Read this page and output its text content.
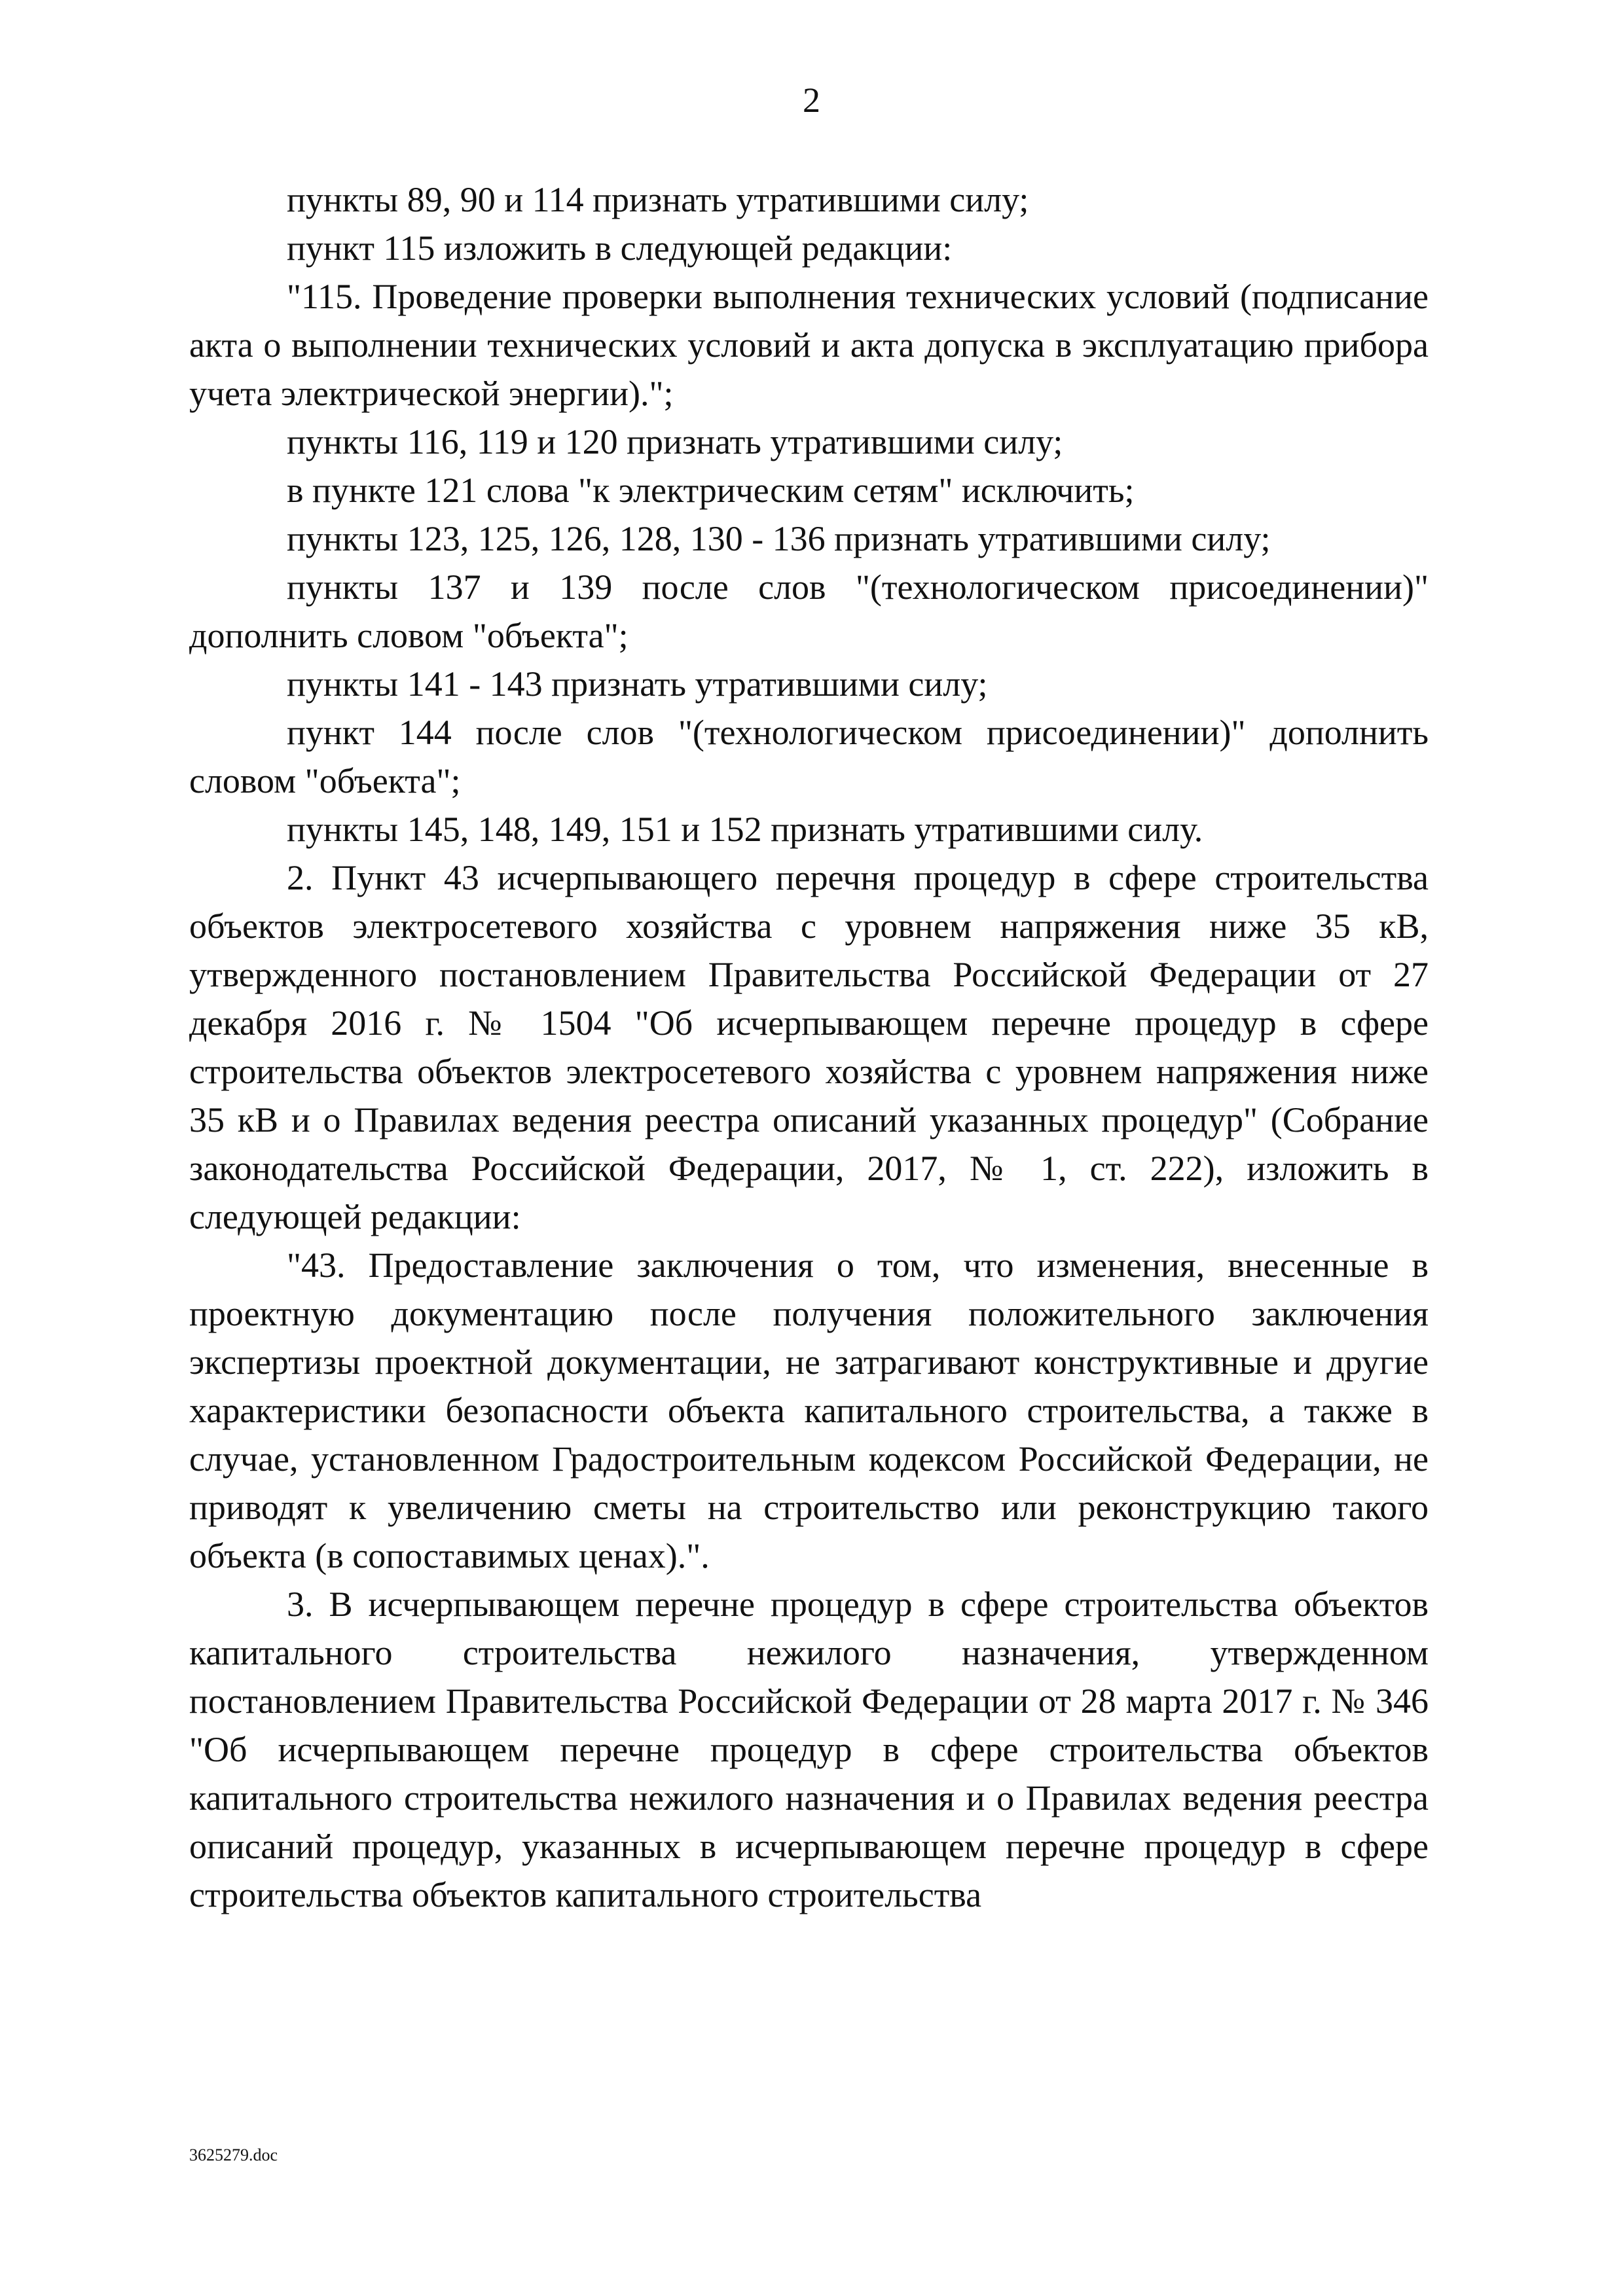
2

пункты 89, 90 и 114 признать утратившими силу;

пункт 115 изложить в следующей редакции:

"115. Проведение проверки выполнения технических условий (подписание акта о выполнении технических условий и акта допуска в эксплуатацию прибора учета электрической энергии).";

пункты 116, 119 и 120 признать утратившими силу;

в пункте 121 слова "к электрическим сетям" исключить;

пункты 123, 125, 126, 128, 130 - 136 признать утратившими силу;

пункты 137 и 139 после слов "(технологическом присоединении)" дополнить словом "объекта";

пункты 141 - 143 признать утратившими силу;

пункт 144 после слов "(технологическом присоединении)" дополнить словом "объекта";

пункты 145, 148, 149, 151 и 152 признать утратившими силу.

2. Пункт 43 исчерпывающего перечня процедур в сфере строительства объектов электросетевого хозяйства с уровнем напряжения ниже 35 кВ, утвержденного постановлением Правительства Российской Федерации от 27 декабря 2016 г. № 1504 "Об исчерпывающем перечне процедур в сфере строительства объектов электросетевого хозяйства с уровнем напряжения ниже 35 кВ и о Правилах ведения реестра описаний указанных процедур" (Собрание законодательства Российской Федерации, 2017, № 1, ст. 222), изложить в следующей редакции:

"43. Предоставление заключения о том, что изменения, внесенные в проектную документацию после получения положительного заключения экспертизы проектной документации, не затрагивают конструктивные и другие характеристики безопасности объекта капитального строительства, а также в случае, установленном Градостроительным кодексом Российской Федерации, не приводят к увеличению сметы на строительство или реконструкцию такого объекта (в сопоставимых ценах).".

3. В исчерпывающем перечне процедур в сфере строительства объектов капитального строительства нежилого назначения, утвержденном постановлением Правительства Российской Федерации от 28 марта 2017 г. № 346 "Об исчерпывающем перечне процедур в сфере строительства объектов капитального строительства нежилого назначения и о Правилах ведения реестра описаний процедур, указанных в исчерпывающем перечне процедур в сфере строительства объектов капитального строительства

3625279.doc
